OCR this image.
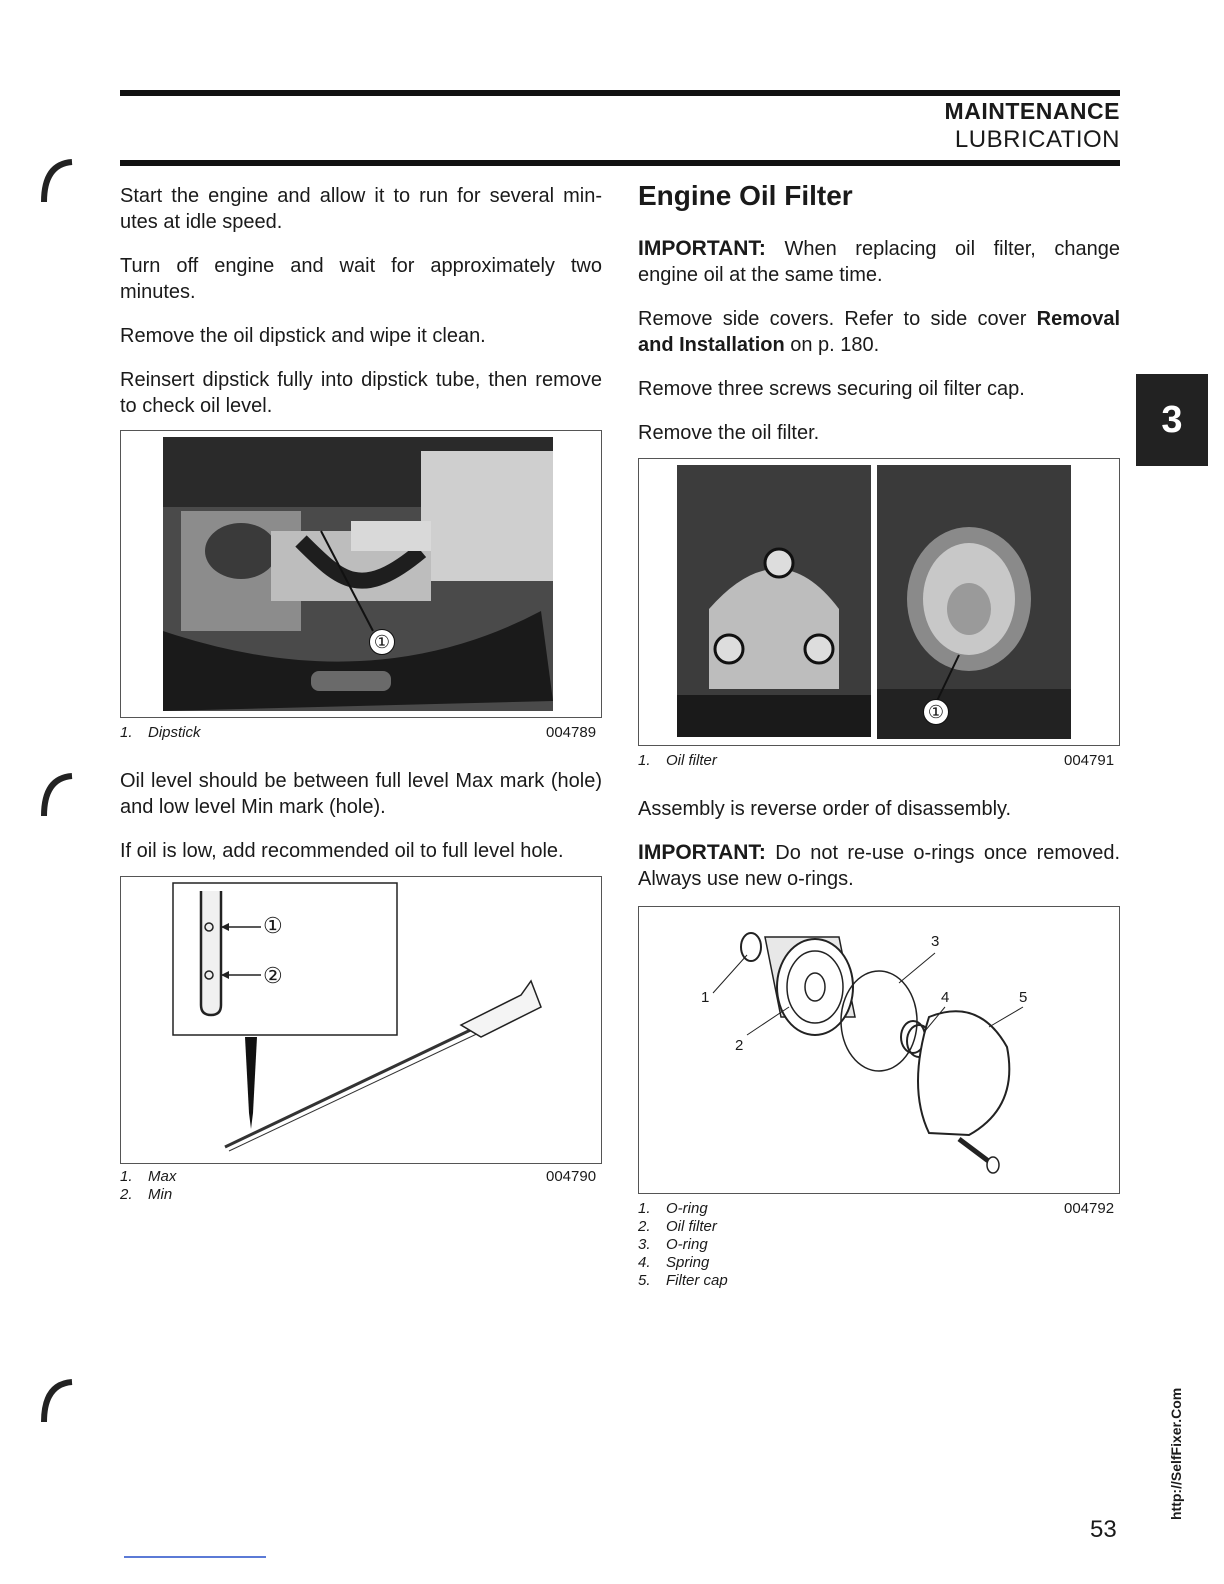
MAINTENANCE
LUBRICATION

Start the engine and allow it to run for several min-utes at idle speed.

Turn off engine and wait for approximately two minutes.

Remove the oil dipstick and wipe it clean.

Reinsert dipstick fully into dipstick tube, then remove to check oil level.

①
1. Dipstick	004789

Oil level should be between full level Max mark (hole) and low level Min mark (hole).

If oil is low, add recommended oil to full level hole.

①
②
1. Max
2. Min
004790
Engine Oil Filter

IMPORTANT: When replacing oil filter, change engine oil at the same time.

Remove side covers. Refer to side cover Removal and Installation on p. 180.

Remove three screws securing oil filter cap.

Remove the oil filter.

①
1. Oil filter	004791

Assembly is reverse order of disassembly.

IMPORTANT: Do not re-use o-rings once removed. Always use new o-rings.

1
2
3
4	5
1. O-ring
2. Oil filter
3. O-ring
4. Spring
5. Filter cap
004792
3
53
http://SelfFixer.Com
